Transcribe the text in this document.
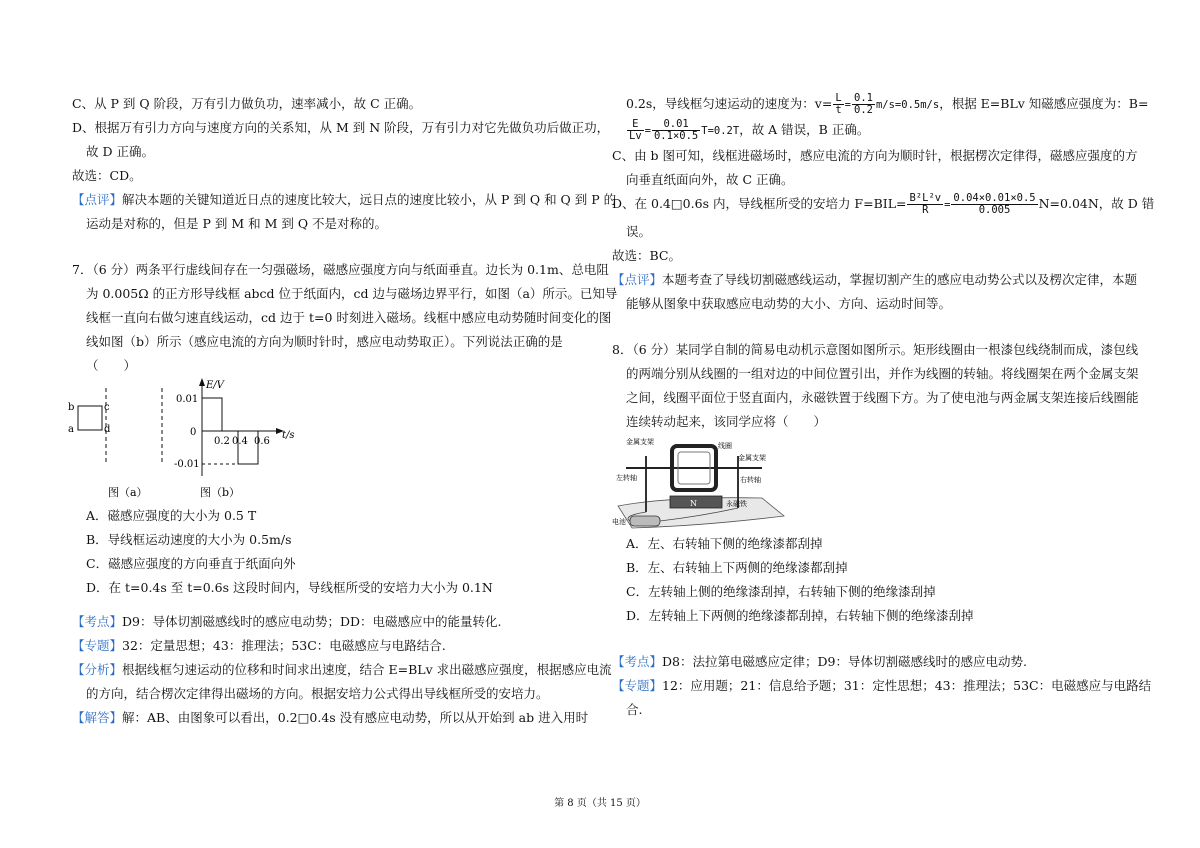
C、从 P 到 Q 阶段，万有引力做负功，速率减小，故 C 正确。
D、根据万有引力方向与速度方向的关系知，从 M 到 N 阶段，万有引力对它先做负功后做正功，
故 D 正确。
故选：CD。
【点评】解决本题的关键知道近日点的速度比较大，远日点的速度比较小，从 P 到 Q 和 Q 到 P 的
运动是对称的，但是 P 到 M 和 M 到 Q 不是对称的。
7．（6 分）两条平行虚线间存在一匀强磁场，磁感应强度方向与纸面垂直。边长为 0.1m、总电阻
为 0.005Ω 的正方形导线框 abcd 位于纸面内，cd 边与磁场边界平行，如图（a）所示。已知导
线框一直向右做匀速直线运动，cd 边于 t=0 时刻进入磁场。线框中感应电动势随时间变化的图
线如图（b）所示（感应电流的方向为顺时针时，感应电动势取正）。下列说法正确的是
（　　）
b
a
c
d
图（a）
E/V
t/s
0.01
0
-0.01
0.2 0.4 0.6
图（b）
A．磁感应强度的大小为 0.5 T
B．导线框运动速度的大小为 0.5m/s
C．磁感应强度的方向垂直于纸面向外
D．在 t=0.4s 至 t=0.6s 这段时间内，导线框所受的安培力大小为 0.1N
【考点】D9：导体切割磁感线时的感应电动势；DD：电磁感应中的能量转化.
【专题】32：定量思想；43：推理法；53C：电磁感应与电路结合.
【分析】根据线框匀速运动的位移和时间求出速度，结合 E=BLv 求出磁感应强度，根据感应电流
的方向，结合楞次定律得出磁场的方向。根据安培力公式得出导线框所受的安培力。
【解答】解：AB、由图象可以看出，0.2□0.4s 没有感应电动势，所以从开始到 ab 进入用时
0.2s，导线框匀速运动的速度为：$v= \frac{L}{t} = \frac{0.1}{0.2} m/s=0.5m/s$，根据 E=BLv 知磁感应强度为：B=
$\frac{E}{Lv} = \frac{0.01}{0.1\times 0.5} T=0.2T$，故 A 错误，B 正确。
C、由 b 图可知，线框进磁场时，感应电流的方向为顺时针，根据楞次定律得，磁感应强度的方
向垂直纸面向外，故 C 正确。
D、在 0.4□0.6s 内，导线框所受的安培力 $F=BIL= \frac{\text{B²L²v}}{R} = \frac{0.04\times 0.01\times 0.5}{0.005} N=0.04N$，故 D 错
误。
故选：BC。
【点评】本题考查了导线切割磁感线运动，掌握切割产生的感应电动势公式以及楞次定律，本题
能够从图象中获取感应电动势的大小、方向、运动时间等。
8．（6 分）某同学自制的简易电动机示意图如图所示。矩形线圈由一根漆包线绕制而成，漆包线
的两端分别从线圈的一组对边的中间位置引出，并作为线圈的转轴。将线圈架在两个金属支架
之间，线圈平面位于竖直面内，永磁铁置于线圈下方。为了使电池与两金属支架连接后线圈能
连续转动起来，该同学应将（　　）
N
金属支架	线圈
金属支架
左转轴	右转轴
永磁铁
电池
A．左、右转轴下侧的绝缘漆都刮掉
B．左、右转轴上下两侧的绝缘漆都刮掉
C．左转轴上侧的绝缘漆刮掉，右转轴下侧的绝缘漆刮掉
D．左转轴上下两侧的绝缘漆都刮掉，右转轴下侧的绝缘漆刮掉
【考点】D8：法拉第电磁感应定律；D9：导体切割磁感线时的感应电动势.
【专题】12：应用题；21：信息给予题；31：定性思想；43：推理法；53C：电磁感应与电路结
合.
第 8 页（共 15 页）
